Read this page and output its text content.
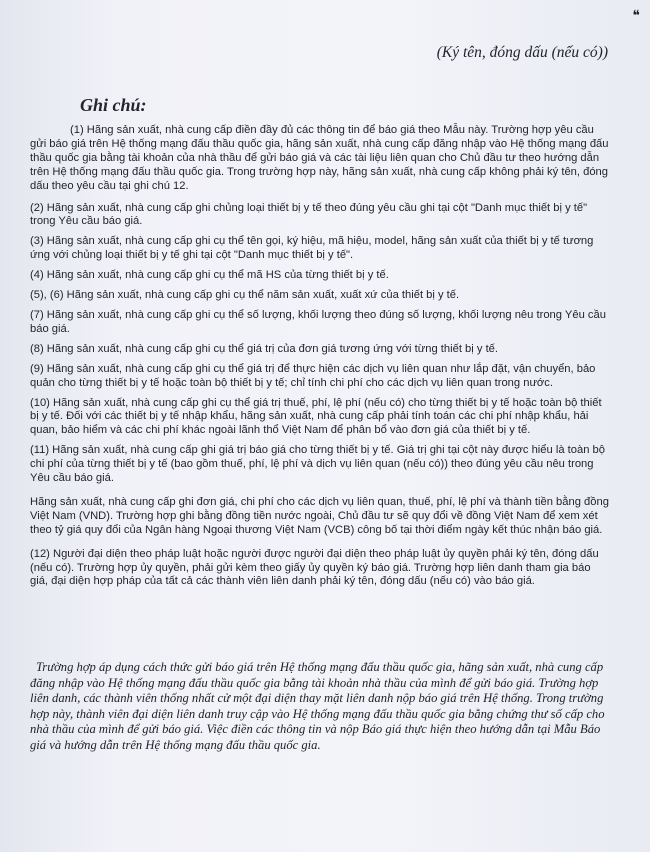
❝
(Ký tên, đóng dấu (nếu có))
Ghi chú:

(1) Hãng sản xuất, nhà cung cấp điền đầy đủ các thông tin để báo giá theo Mẫu này. Trường hợp yêu cầu gửi báo giá trên Hệ thống mạng đấu thầu quốc gia, hãng sản xuất, nhà cung cấp đăng nhập vào Hệ thống mạng đấu thầu quốc gia bằng tài khoản của nhà thầu để gửi báo giá và các tài liệu liên quan cho Chủ đầu tư theo hướng dẫn trên Hệ thống mạng đấu thầu quốc gia. Trong trường hợp này, hãng sản xuất, nhà cung cấp không phải ký tên, đóng dấu theo yêu cầu tại ghi chú 12.

(2) Hãng sản xuất, nhà cung cấp ghi chủng loại thiết bị y tế theo đúng yêu cầu ghi tại cột "Danh mục thiết bị y tế" trong Yêu cầu báo giá.

(3) Hãng sản xuất, nhà cung cấp ghi cụ thể tên gọi, ký hiệu, mã hiệu, model, hãng sản xuất của thiết bị y tế tương ứng với chủng loại thiết bị y tế ghi tại cột "Danh mục thiết bị y tế".

(4) Hãng sản xuất, nhà cung cấp ghi cụ thể mã HS của từng thiết bị y tế.

(5), (6) Hãng sản xuất, nhà cung cấp ghi cụ thể năm sản xuất, xuất xứ của thiết bị y tế.

(7) Hãng sản xuất, nhà cung cấp ghi cụ thể số lượng, khối lượng theo đúng số lượng, khối lượng nêu trong Yêu cầu báo giá.

(8) Hãng sản xuất, nhà cung cấp ghi cụ thể giá trị của đơn giá tương ứng với từng thiết bị y tế.

(9) Hãng sản xuất, nhà cung cấp ghi cụ thể giá trị để thực hiện các dịch vụ liên quan như lắp đặt, vận chuyển, bảo quản cho từng thiết bị y tế hoặc toàn bộ thiết bị y tế; chỉ tính chi phí cho các dịch vụ liên quan trong nước.

(10) Hãng sản xuất, nhà cung cấp ghi cụ thể giá trị thuế, phí, lệ phí (nếu có) cho từng thiết bị y tế hoặc toàn bộ thiết bị y tế. Đối với các thiết bị y tế nhập khẩu, hãng sản xuất, nhà cung cấp phải tính toán các chi phí nhập khẩu, hải quan, bảo hiểm và các chi phí khác ngoài lãnh thổ Việt Nam để phân bổ vào đơn giá của thiết bị y tế.

(11) Hãng sản xuất, nhà cung cấp ghi giá trị báo giá cho từng thiết bị y tế. Giá trị ghi tại cột này được hiểu là toàn bộ chi phí của từng thiết bị y tế (bao gồm thuế, phí, lệ phí và dịch vụ liên quan (nếu có)) theo đúng yêu cầu nêu trong Yêu cầu báo giá.

Hãng sản xuất, nhà cung cấp ghi đơn giá, chi phí cho các dịch vụ liên quan, thuế, phí, lệ phí và thành tiền bằng đồng Việt Nam (VND). Trường hợp ghi bằng đồng tiền nước ngoài, Chủ đầu tư sẽ quy đổi về đồng Việt Nam để xem xét theo tỷ giá quy đổi của Ngân hàng Ngoại thương Việt Nam (VCB) công bố tại thời điểm ngày kết thúc nhận báo giá.

(12) Người đại diện theo pháp luật hoặc người được người đại diện theo pháp luật ủy quyền phải ký tên, đóng dấu (nếu có). Trường hợp ủy quyền, phải gửi kèm theo giấy ủy quyền ký báo giá. Trường hợp liên danh tham gia báo giá, đại diện hợp pháp của tất cả các thành viên liên danh phải ký tên, đóng dấu (nếu có) vào báo giá.

Trường hợp áp dụng cách thức gửi báo giá trên Hệ thống mạng đấu thầu quốc gia, hãng sản xuất, nhà cung cấp đăng nhập vào Hệ thống mạng đấu thầu quốc gia bằng tài khoản nhà thầu của mình để gửi báo giá. Trường hợp liên danh, các thành viên thống nhất cử một đại diện thay mặt liên danh nộp báo giá trên Hệ thống. Trong trường hợp này, thành viên đại diện liên danh truy cập vào Hệ thống mạng đấu thầu quốc gia bằng chứng thư số cấp cho nhà thầu của mình để gửi báo giá. Việc điền các thông tin và nộp Báo giá thực hiện theo hướng dẫn tại Mẫu Báo giá và hướng dẫn trên Hệ thống mạng đấu thầu quốc gia.
